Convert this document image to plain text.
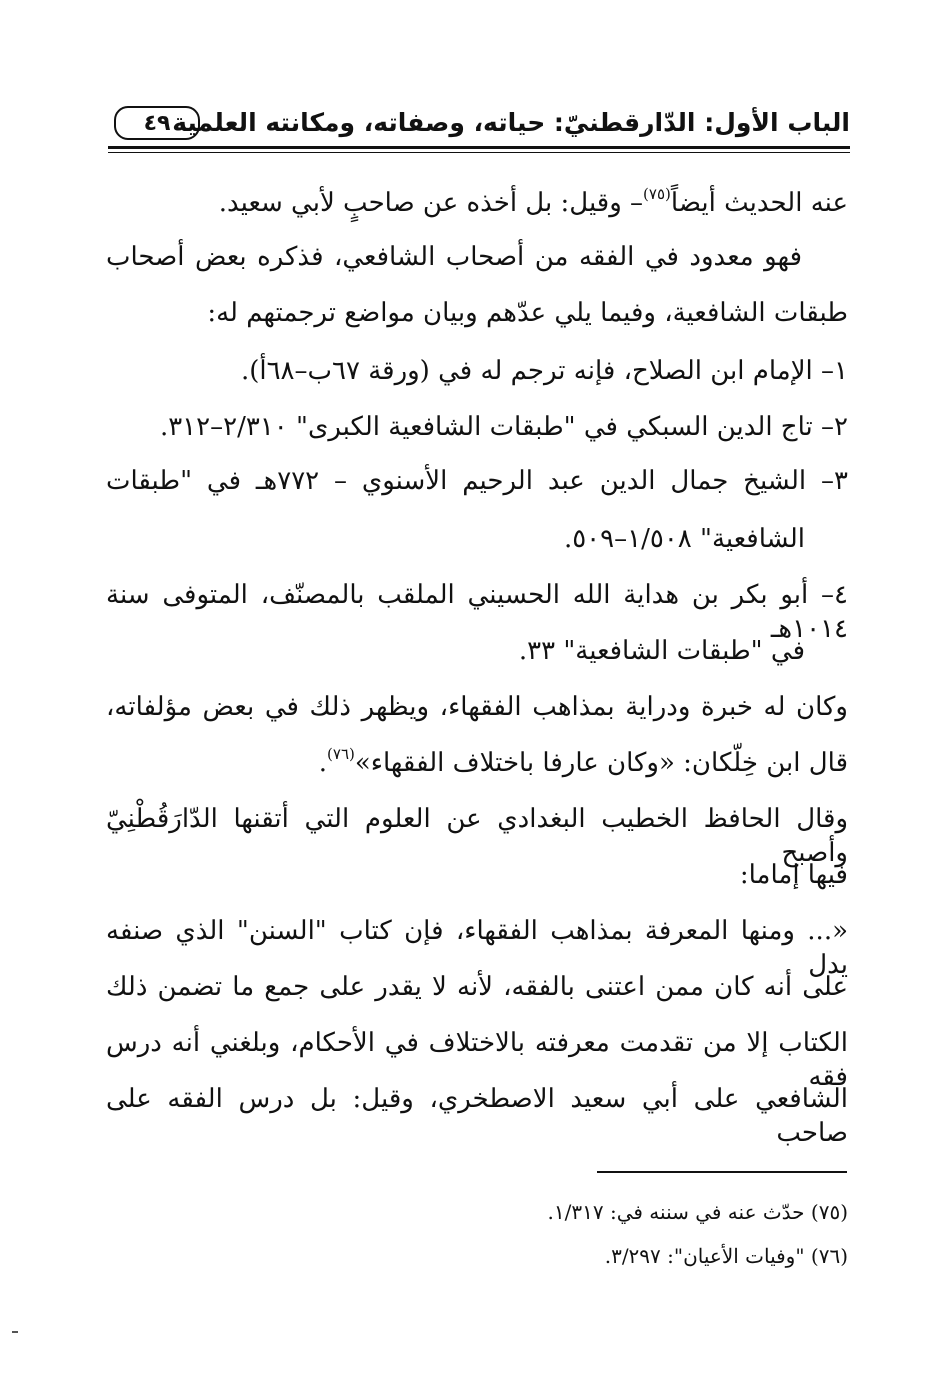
الباب الأول: الدّارقطنيّ: حياته، وصفاته، ومكانته العلمية
٤٩
عنه الحديث أيضاً$^{(٧٥)}$– وقيل: بل أخذه عن صاحبٍ لأبي سعيد.
فهو معدود في الفقه من أصحاب الشافعي، فذكره بعض أصحاب
طبقات الشافعية، وفيما يلي عدّهم وبيان مواضع ترجمتهم له:
١– الإمام ابن الصلاح، فإنه ترجم له في (ورقة ٦٧ب–٦٨أ).
٢– تاج الدين السبكي في "طبقات الشافعية الكبرى" ٢/٣١٠–٣١٢.
٣– الشيخ جمال الدين عبد الرحيم الأسنوي – ٧٧٢هـ في "طبقات
الشافعية" ١/٥٠٨–٥٠٩.
٤– أبو بكر بن هداية الله الحسيني الملقب بالمصنّف، المتوفى سنة ١٠١٤هـ
في "طبقات الشافعية" ٣٣.
وكان له خبرة ودراية بمذاهب الفقهاء، ويظهر ذلك في بعض مؤلفاته،
قال ابن خِلّكان: «وكان عارفا باختلاف الفقهاء»$^{(٧٦)}$.
وقال الحافظ الخطيب البغدادي عن العلوم التي أتقنها الدّارَقُطْنِيّ وأصبح
فيها إماما:
«... ومنها المعرفة بمذاهب الفقهاء، فإن كتاب "السنن" الذي صنفه يدل
على أنه كان ممن اعتنى بالفقه، لأنه لا يقدر على جمع ما تضمن ذلك
الكتاب إلا من تقدمت معرفته بالاختلاف في الأحكام، وبلغني أنه درس فقه
الشافعي على أبي سعيد الاصطخري، وقيل: بل درس الفقه على صاحب
(٧٥) حدّث عنه في سننه في: ١/٣١٧.
(٧٦) "وفيات الأعيان": ٣/٢٩٧.
